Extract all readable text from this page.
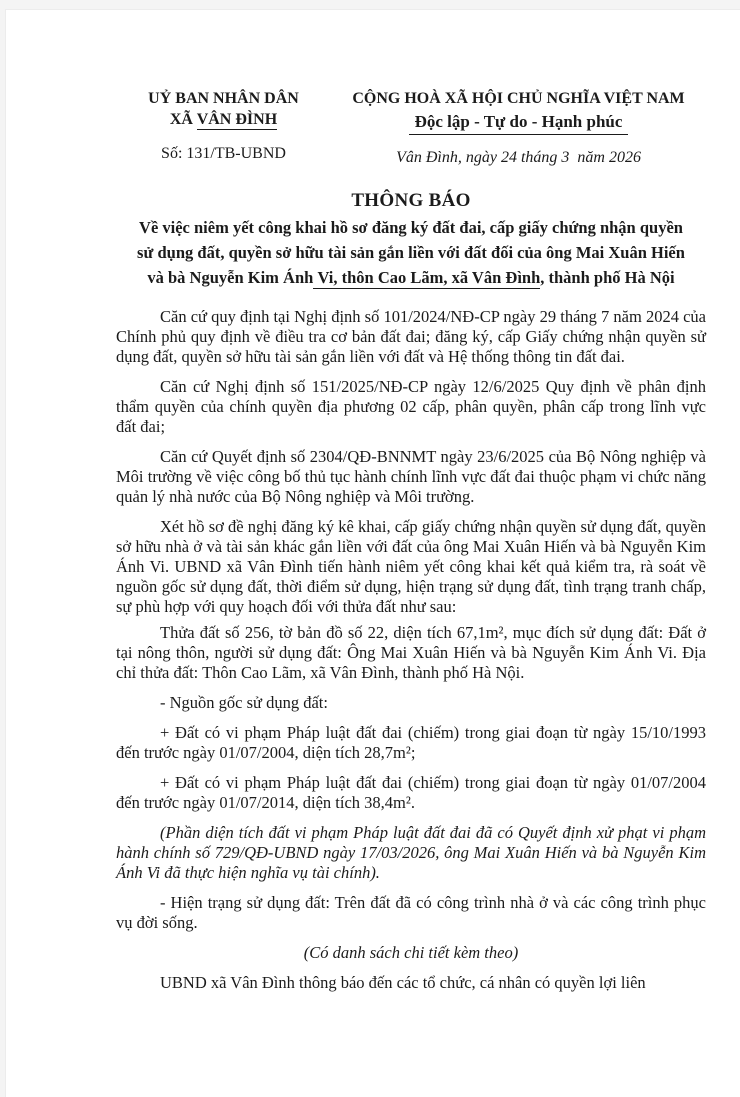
UỶ BAN NHÂN DÂN
XÃ VÂN ĐÌNH
Số: 131/TB-UBND
CỘNG HOÀ XÃ HỘI CHỦ NGHĨA VIỆT NAM
Độc lập - Tự do - Hạnh phúc
Vân Đình, ngày 24 tháng 3  năm 2026
THÔNG BÁO
Về việc niêm yết công khai hồ sơ đăng ký đất đai, cấp giấy chứng nhận quyền
sử dụng đất, quyền sở hữu tài sản gắn liền với đất đối của ông Mai Xuân Hiến
và bà Nguyễn Kim Ánh Vi, thôn Cao Lãm, xã Vân Đình, thành phố Hà Nội

Căn cứ quy định tại Nghị định số 101/2024/NĐ-CP ngày 29 tháng 7 năm 2024 của Chính phủ quy định về điều tra cơ bản đất đai; đăng ký, cấp Giấy chứng nhận quyền sử dụng đất, quyền sở hữu tài sản gắn liền với đất và Hệ thống thông tin đất đai.

Căn cứ Nghị định số 151/2025/NĐ-CP ngày 12/6/2025 Quy định về phân định thẩm quyền của chính quyền địa phương 02 cấp, phân quyền, phân cấp trong lĩnh vực đất đai;

Căn cứ Quyết định số 2304/QĐ-BNNMT ngày 23/6/2025 của Bộ Nông nghiệp và Môi trường về việc công bố thủ tục hành chính lĩnh vực đất đai thuộc phạm vi chức năng quản lý nhà nước của Bộ Nông nghiệp và Môi trường.

Xét hồ sơ đề nghị đăng ký kê khai, cấp giấy chứng nhận quyền sử dụng đất, quyền sở hữu nhà ở và tài sản khác gắn liền với đất của ông Mai Xuân Hiến và bà Nguyễn Kim Ánh Vi. UBND xã Vân Đình tiến hành niêm yết công khai kết quả kiểm tra, rà soát về nguồn gốc sử dụng đất, thời điểm sử dụng, hiện trạng sử dụng đất, tình trạng tranh chấp, sự phù hợp với quy hoạch đối với thửa đất như sau:

Thửa đất số 256, tờ bản đồ số 22, diện tích 67,1m², mục đích sử dụng đất: Đất ở tại nông thôn, người sử dụng đất: Ông Mai Xuân Hiến và bà Nguyễn Kim Ánh Vi. Địa chỉ thửa đất: Thôn Cao Lãm, xã Vân Đình, thành phố Hà Nội.

- Nguồn gốc sử dụng đất:

+ Đất có vi phạm Pháp luật đất đai (chiếm) trong giai đoạn từ ngày 15/10/1993 đến trước ngày 01/07/2004, diện tích 28,7m²;

+ Đất có vi phạm Pháp luật đất đai (chiếm) trong giai đoạn từ ngày 01/07/2004 đến trước ngày 01/07/2014, diện tích 38,4m².

(Phần diện tích đất vi phạm Pháp luật đất đai đã có Quyết định xử phạt vi phạm hành chính số 729/QĐ-UBND ngày 17/03/2026, ông Mai Xuân Hiến và bà Nguyễn Kim Ánh Vi đã thực hiện nghĩa vụ tài chính).

- Hiện trạng sử dụng đất: Trên đất đã có công trình nhà ở và các công trình phục vụ đời sống.

(Có danh sách chi tiết kèm theo)

UBND xã Vân Đình thông báo đến các tổ chức, cá nhân có quyền lợi liên
